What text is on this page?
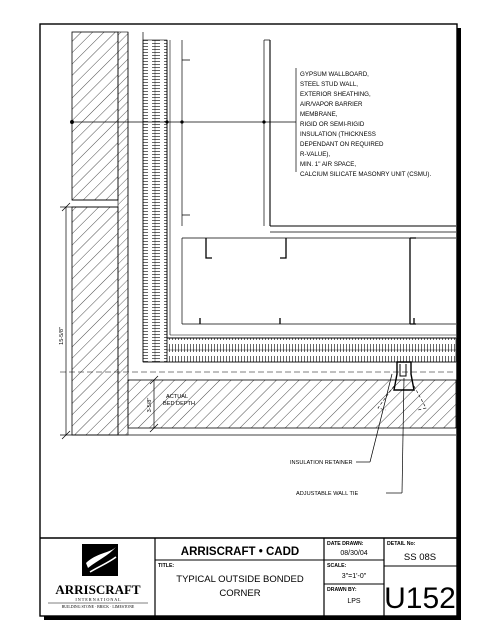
15-5/8"
3-5/8"
ACTUAL
BED DEPTH
GYPSUM WALLBOARD,
STEEL STUD WALL,
EXTERIOR SHEATHING,
AIR/VAPOR BARRIER
MEMBRANE,
RIGID OR SEMI-RIGID
INSULATION (THICKNESS
DEPENDANT ON REQUIRED
R-VALUE),
MIN. 1" AIR SPACE,
CALCIUM SILICATE MASONRY UNIT (CSMU).
INSULATION RETAINER
ADJUSTABLE WALL TIE
ARRISCRAFT
I N T E R N A T I O N A L
BUILDING STONE · BRICK · LIMESTONE
ARRISCRAFT • CADD
TITLE:
TYPICAL OUTSIDE BONDED
CORNER
DATE DRAWN:
08/30/04
SCALE:
3"=1'-0"
DRAWN BY:
LPS
DETAIL No:
SS 08S
U152
